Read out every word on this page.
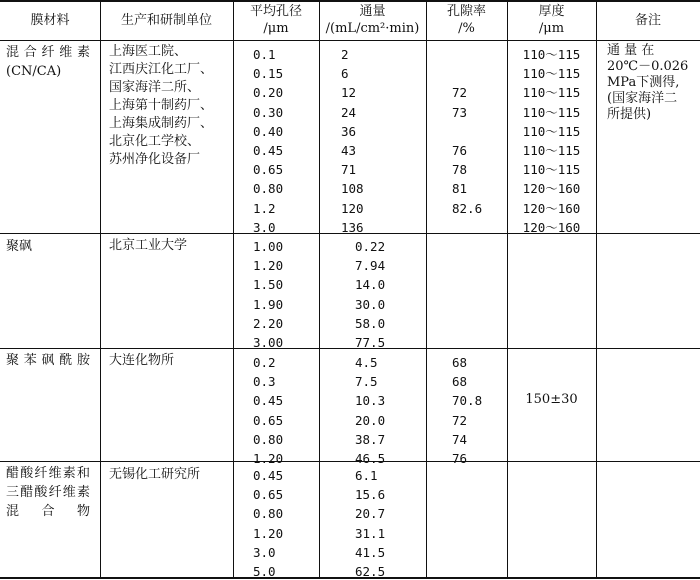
膜材料	生产和研制单位
平均孔径
/μm
通量
/(mL/cm²·min)
孔隙率
/%
厚度
/μm
备注
混合纤维素(CN/CA)
上海医工院、
江西庆江化工厂、
国家海洋二所、
上海第十制药厂、
上海集成制药厂、
北京化工学校、
苏州净化设备厂
通 量 在
20℃－0.026
MPa下测得,
(国家海洋二
所提供)
聚砜	北京工业大学
聚苯砜酰胺 大连化物所
150±30
醋酸纤维素和三醋酸纤维素混合物
无锡化工研究所
0.1
0.15
0.20
0.30
0.40
0.45
0.65
0.80
1.2
3.0
2
6
12
24
36
43
71
108
120
136
72
73
76
78
81
82.6
110～115
110～115
110～115
110～115
110～115
110～115
110～115
120～160
120～160
120～160
1.00
1.20
1.50
1.90
2.20
3.00
0.22
7.94
14.0
30.0
58.0
77.5
0.2
0.3
0.45
0.65
0.80
1.20
4.5
7.5
10.3
20.0
38.7
46.5
68
68
70.8
72
74
76
0.45
0.65
0.80
1.20
3.0
5.0
6.1
15.6
20.7
31.1
41.5
62.5
